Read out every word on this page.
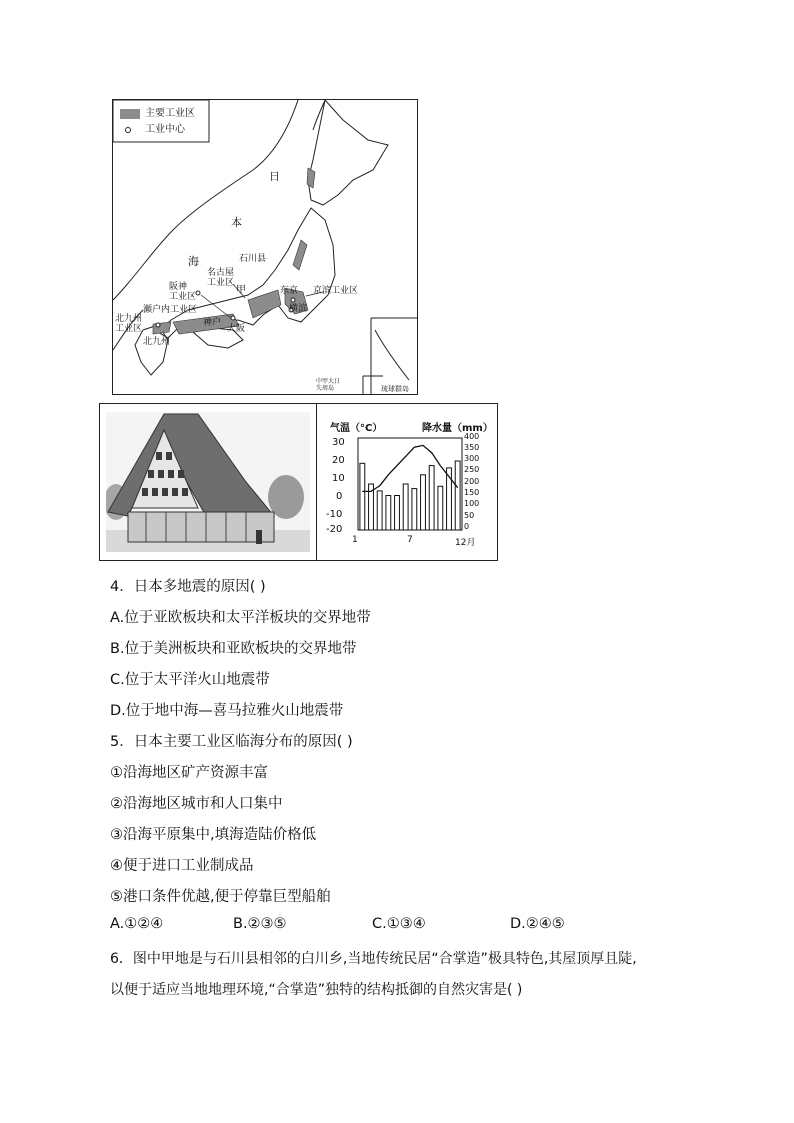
主要工业区
工业中心
日
本
海	石川县
名古屋
工业区
甲
阪神
工业区
瀬户内工业区
北九州
工业区
北九州
神户
大阪
东京
横滨
京滨工业区
琉球群岛
中甲大日
失周岛
气温（°C）	降水量（mm）
30
20
10
0
-10
-20
400
350
300
250
200
150
100
50
0
1	7	12月
4．日本多地震的原因( )
A.位于亚欧板块和太平洋板块的交界地带
B.位于美洲板块和亚欧板块的交界地带
C.位于太平洋火山地震带
D.位于地中海—喜马拉雅火山地震带
5．日本主要工业区临海分布的原因( )
①沿海地区矿产资源丰富
②沿海地区城市和人口集中
③沿海平原集中,填海造陆价格低
④便于进口工业制成品
⑤港口条件优越,便于停靠巨型船舶
A.①②④	B.②③⑤	C.①③④	D.②④⑤
6．图中甲地是与石川县相邻的白川乡,当地传统民居“合掌造”极具特色,其屋顶厚且陡,
以便于适应当地地理环境,“合掌造”独特的结构抵御的自然灾害是( )
